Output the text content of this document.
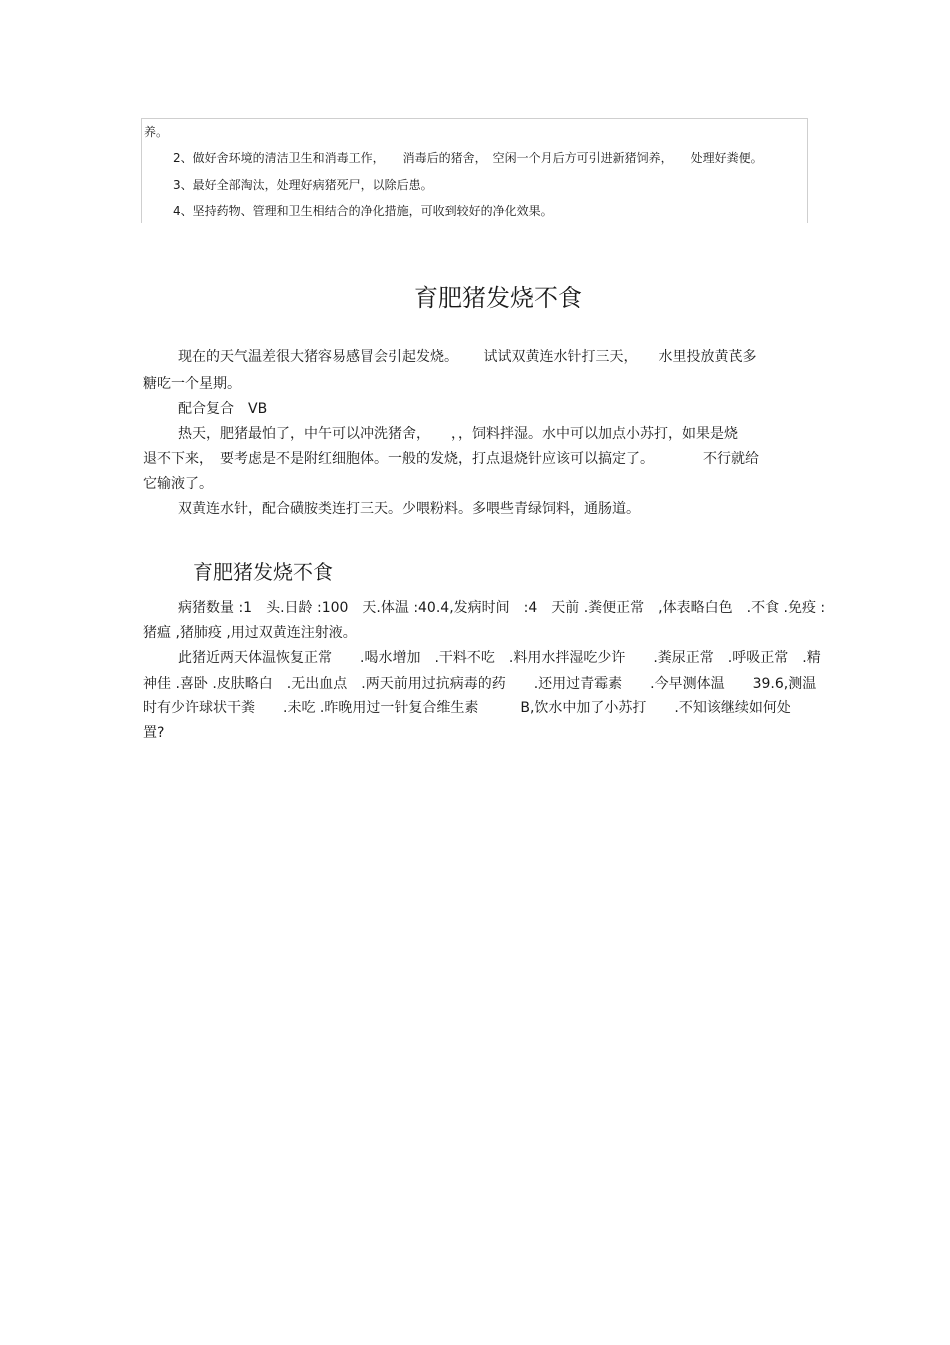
养。
2、做好舍环境的清洁卫生和消毒工作，　　消毒后的猪舍，　空闲一个月后方可引进新猪饲养，　　处理好粪便。
3、最好全部淘汰，处理好病猪死尸，以除后患。
4、坚持药物、管理和卫生相结合的净化措施，可收到较好的净化效果。
育肥猪发烧不食
现在的天气温差很大猪容易感冒会引起发烧。　　 试试双黄连水针打三天，　　水里投放黄芪多
糖吃一个星期。
配合复合　VB
热天，肥猪最怕了，中午可以冲洗猪舍，　　，，饲料拌湿。水中可以加点小苏打，如果是烧
退不下来，　要考虑是不是附红细胞体。一般的发烧，打点退烧针应该可以搞定了。　　　　不行就给
它输液了。
双黄连水针，配合磺胺类连打三天。少喂粉料。多喂些青绿饲料，通肠道。
育肥猪发烧不食
病猪数量 :1　头.日龄 :100　天.体温 :40.4,发病时间　:4　天前 .粪便正常　,体表略白色　.不食 .免疫 :
猪瘟 ,猪肺疫 ,用过双黄连注射液。
此猪近两天体温恢复正常　　.喝水增加　.干料不吃　.料用水拌湿吃少许　　.粪尿正常　.呼吸正常　.精
神佳 .喜卧 .皮肤略白　.无出血点　.两天前用过抗病毒的药　　.还用过青霉素　　.今早测体温　　39.6,测温
时有少许球状干粪　　.未吃 .昨晚用过一针复合维生素　　　B,饮水中加了小苏打　　.不知该继续如何处
置?
